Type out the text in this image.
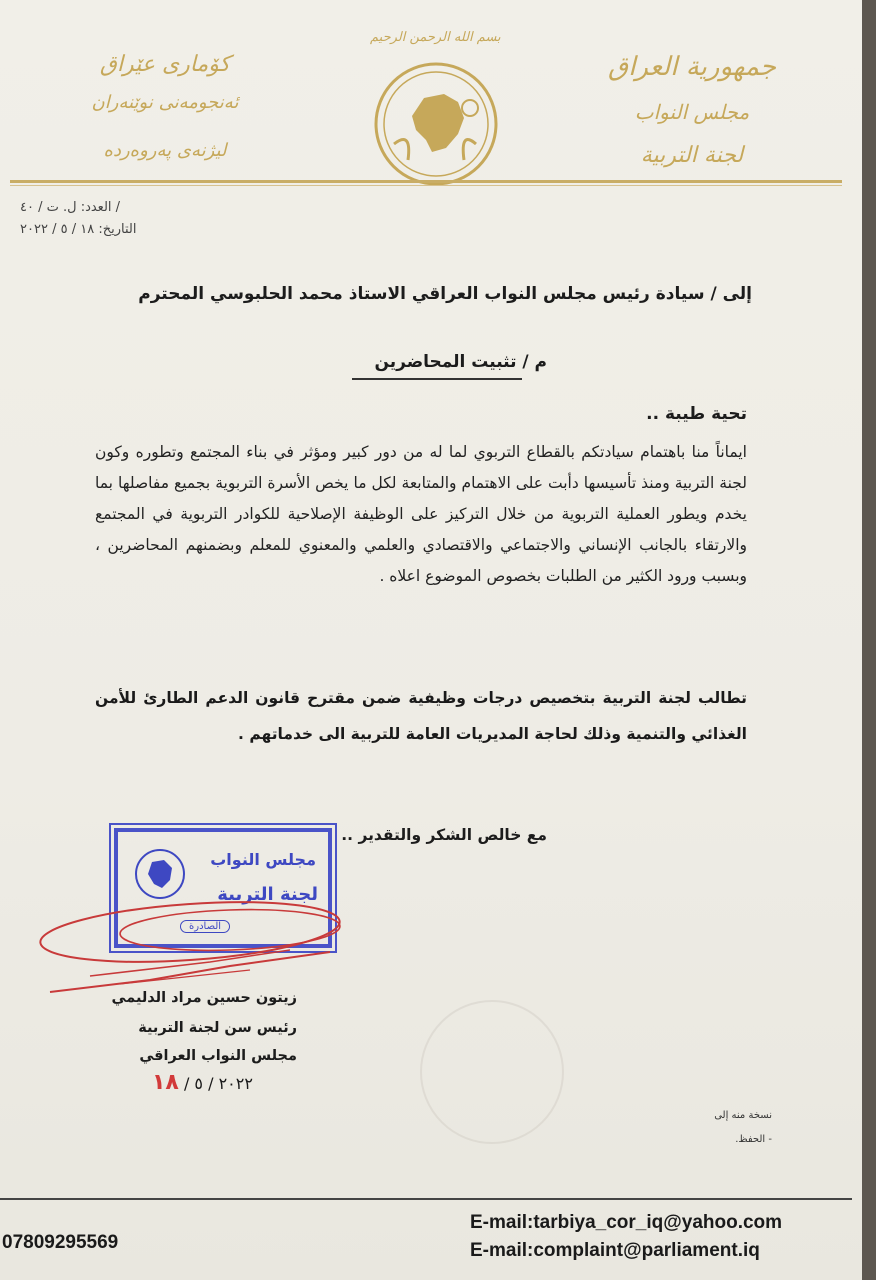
جمهورية العراق
مجلس النواب
لجنة التربية
كۆماری عێراق
ئەنجومەنی نوێنەران
لیژنەی پەروەردە
بسم الله الرحمن الرحيم
العدد: ل. ت / ٤٠ /
التاريخ: ١٨ / ٥ / ٢٠٢٢
إلى / سيادة رئيس مجلس النواب العراقي الاستاذ محمد الحلبوسي المحترم
م / تثبيت المحاضرين
تحية طيبة ..
ايماناً منا باهتمام سيادتكم بالقطاع التربوي لما له من دور كبير ومؤثر في بناء المجتمع وتطوره وكون لجنة التربية ومنذ تأسيسها دأبت على الاهتمام والمتابعة لكل ما يخص الأسرة التربوية بجميع مفاصلها بما يخدم ويطور العملية التربوية من خلال التركيز على الوظيفة الإصلاحية للكوادر التربوية في المجتمع والارتقاء بالجانب الإنساني والاجتماعي والاقتصادي والعلمي والمعنوي للمعلم وبضمنهم المحاضرين ، وبسبب ورود الكثير من الطلبات بخصوص الموضوع اعلاه .
تطالب لجنة التربية بتخصيص درجات وظيفية ضمن مقترح قانون الدعم الطارئ للأمن الغذائي والتنمية وذلك لحاجة المديريات العامة للتربية الى خدماتهم .
مع خالص الشكر والتقدير ..
مجلس النواب
لجنة التربية
الصادرة
زيتون حسين مراد الدليمي
رئيس سن لجنة التربية
مجلس النواب العراقي
٢٠٢٢ / ٥ / ١٨
نسخة منه إلى
- الحفظ.
E-mail:tarbiya_cor_iq@yahoo.com
E-mail:complaint@parliament.iq
07809295569
